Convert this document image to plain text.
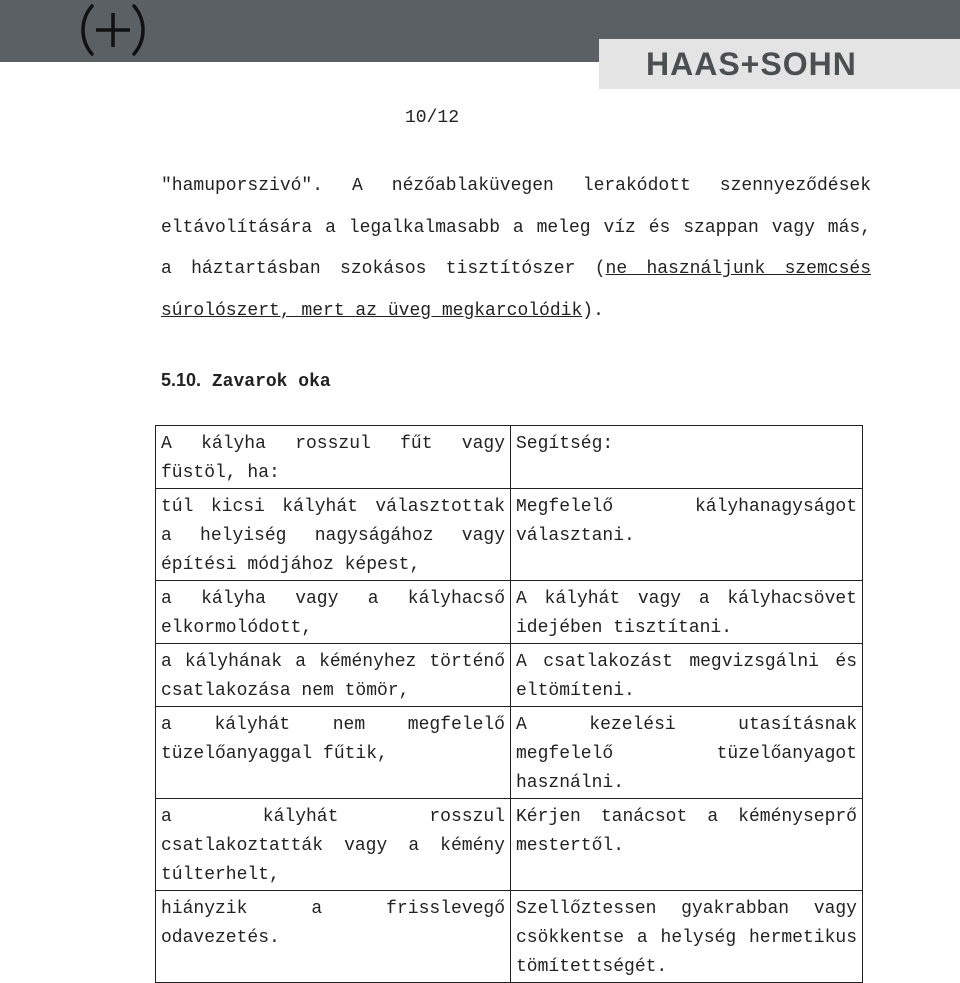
HAAS+SOHN
10/12

"hamuporszivó". A nézőablaküvegen lerakódott szennyeződések eltávolítására a legalkalmasabb a meleg víz és szappan vagy más, a háztartásban szokásos tisztítószer (ne használjunk szemcsés súrolószert, mert az üveg megkarcolódik).

5.10. Zavarok oka
A kályha rosszul fűt vagy füstöl, ha:	Segítség:
túl kicsi kályhát választottak a helyiség nagyságához vagy építési módjához képest,	Megfelelő kályhanagyságot választani.
a kályha vagy a kályhacső elkormolódott,	A kályhát vagy a kályhacsövet idejében tisztítani.
a kályhának a kéményhez történő csatlakozása nem tömör,	A csatlakozást megvizsgálni és eltömíteni.
a kályhát nem megfelelő tüzelőanyaggal fűtik,	A kezelési utasításnak megfelelő tüzelőanyagot használni.
a kályhát rosszul csatlakoztatták vagy a kémény túlterhelt,	Kérjen tanácsot a kéményseprő mestertől.
hiányzik a frisslevegő odavezetés.	Szellőztessen gyakrabban vagy csökkentse a helység hermetikus tömítettségét.
